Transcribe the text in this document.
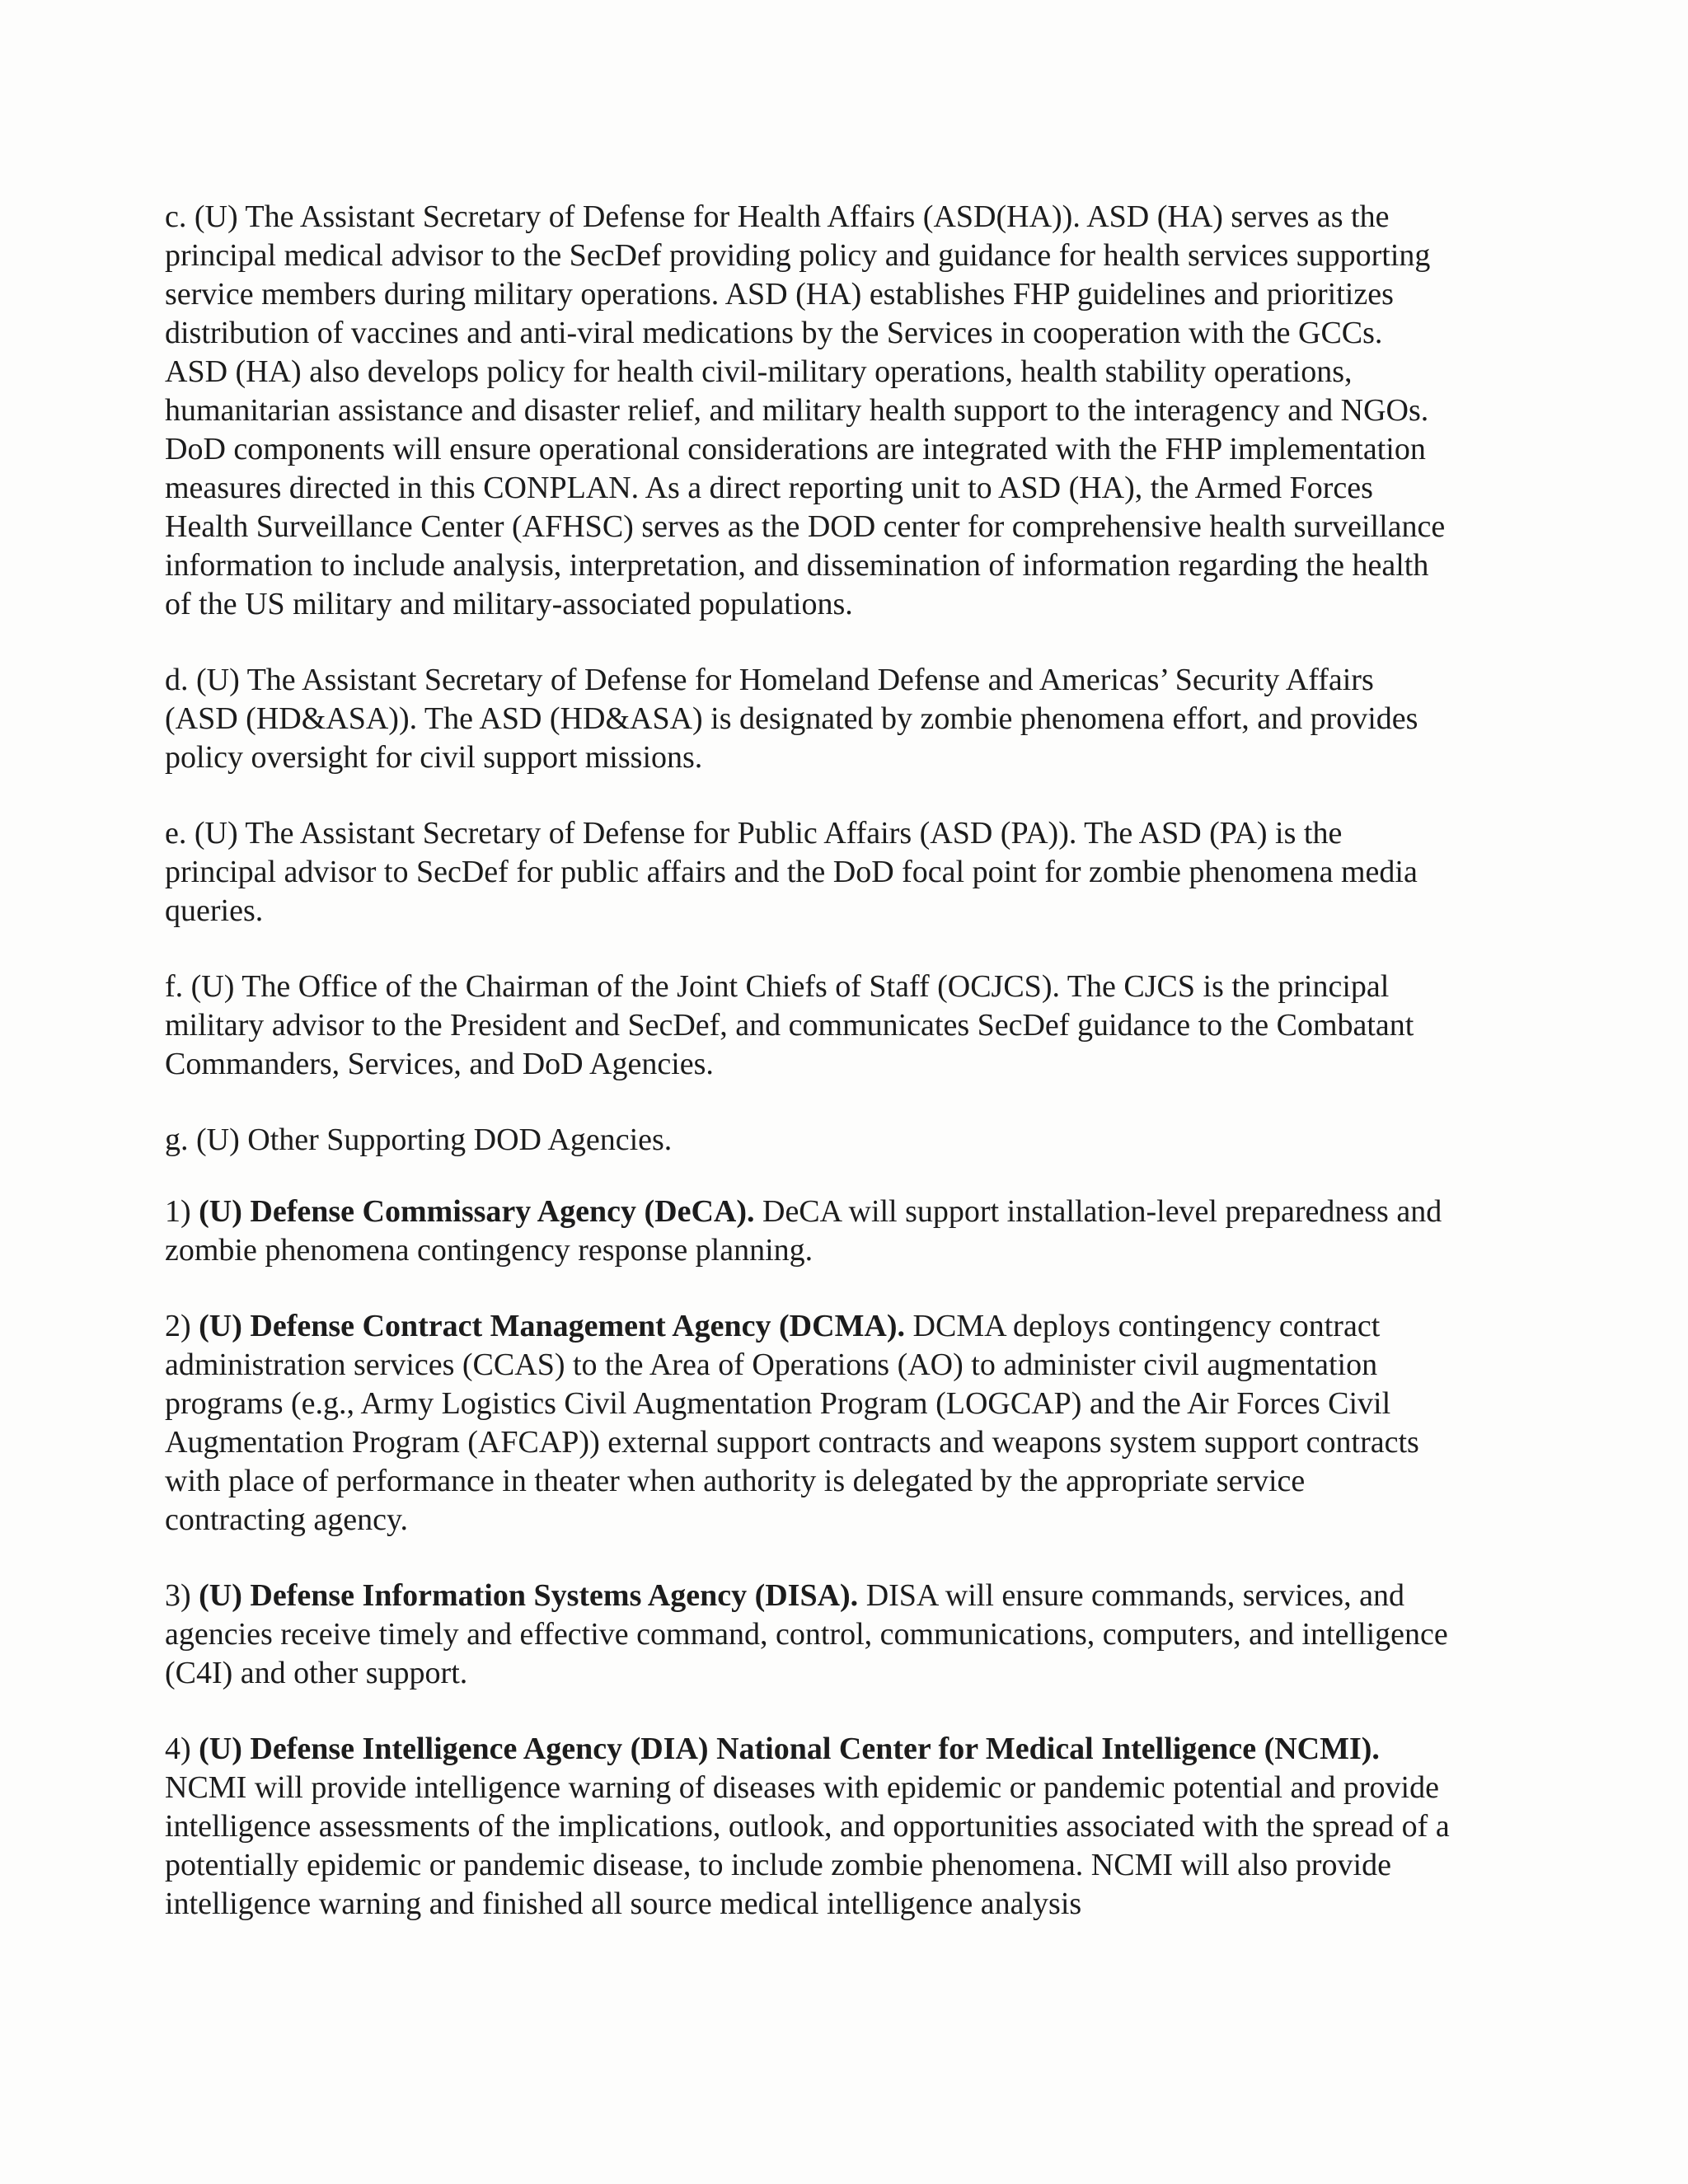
c. (U) The Assistant Secretary of Defense for Health Affairs (ASD(HA)). ASD (HA) serves as the principal medical advisor to the SecDef providing policy and guidance for health services supporting service members during military operations. ASD (HA) establishes FHP guidelines and prioritizes distribution of vaccines and anti-viral medications by the Services in cooperation with the GCCs. ASD (HA) also develops policy for health civil-military operations, health stability operations, humanitarian assistance and disaster relief, and military health support to the interagency and NGOs. DoD components will ensure operational considerations are integrated with the FHP implementation measures directed in this CONPLAN. As a direct reporting unit to ASD (HA), the Armed Forces Health Surveillance Center (AFHSC) serves as the DOD center for comprehensive health surveillance information to include analysis, interpretation, and dissemination of information regarding the health of the US military and military-associated populations.

d. (U) The Assistant Secretary of Defense for Homeland Defense and Americas’ Security Affairs (ASD (HD&ASA)). The ASD (HD&ASA) is designated by zombie phenomena effort, and provides policy oversight for civil support missions.

e. (U) The Assistant Secretary of Defense for Public Affairs (ASD (PA)). The ASD (PA) is the principal advisor to SecDef for public affairs and the DoD focal point for zombie phenomena media queries.

f. (U) The Office of the Chairman of the Joint Chiefs of Staff (OCJCS). The CJCS is the principal military advisor to the President and SecDef, and communicates SecDef guidance to the Combatant Commanders, Services, and DoD Agencies.

g. (U) Other Supporting DOD Agencies.

1) (U) Defense Commissary Agency (DeCA). DeCA will support installation-level preparedness and zombie phenomena contingency response planning.

2) (U) Defense Contract Management Agency (DCMA). DCMA deploys contingency contract administration services (CCAS) to the Area of Operations (AO) to administer civil augmentation programs (e.g., Army Logistics Civil Augmentation Program (LOGCAP) and the Air Forces Civil Augmentation Program (AFCAP)) external support contracts and weapons system support contracts with place of performance in theater when authority is delegated by the appropriate service contracting agency.

3) (U) Defense Information Systems Agency (DISA). DISA will ensure commands, services, and agencies receive timely and effective command, control, communications, computers, and intelligence (C4I) and other support.

4) (U) Defense Intelligence Agency (DIA) National Center for Medical Intelligence (NCMI). NCMI will provide intelligence warning of diseases with epidemic or pandemic potential and provide intelligence assessments of the implications, outlook, and opportunities associated with the spread of a potentially epidemic or pandemic disease, to include zombie phenomena. NCMI will also provide intelligence warning and finished all source medical intelligence analysis
